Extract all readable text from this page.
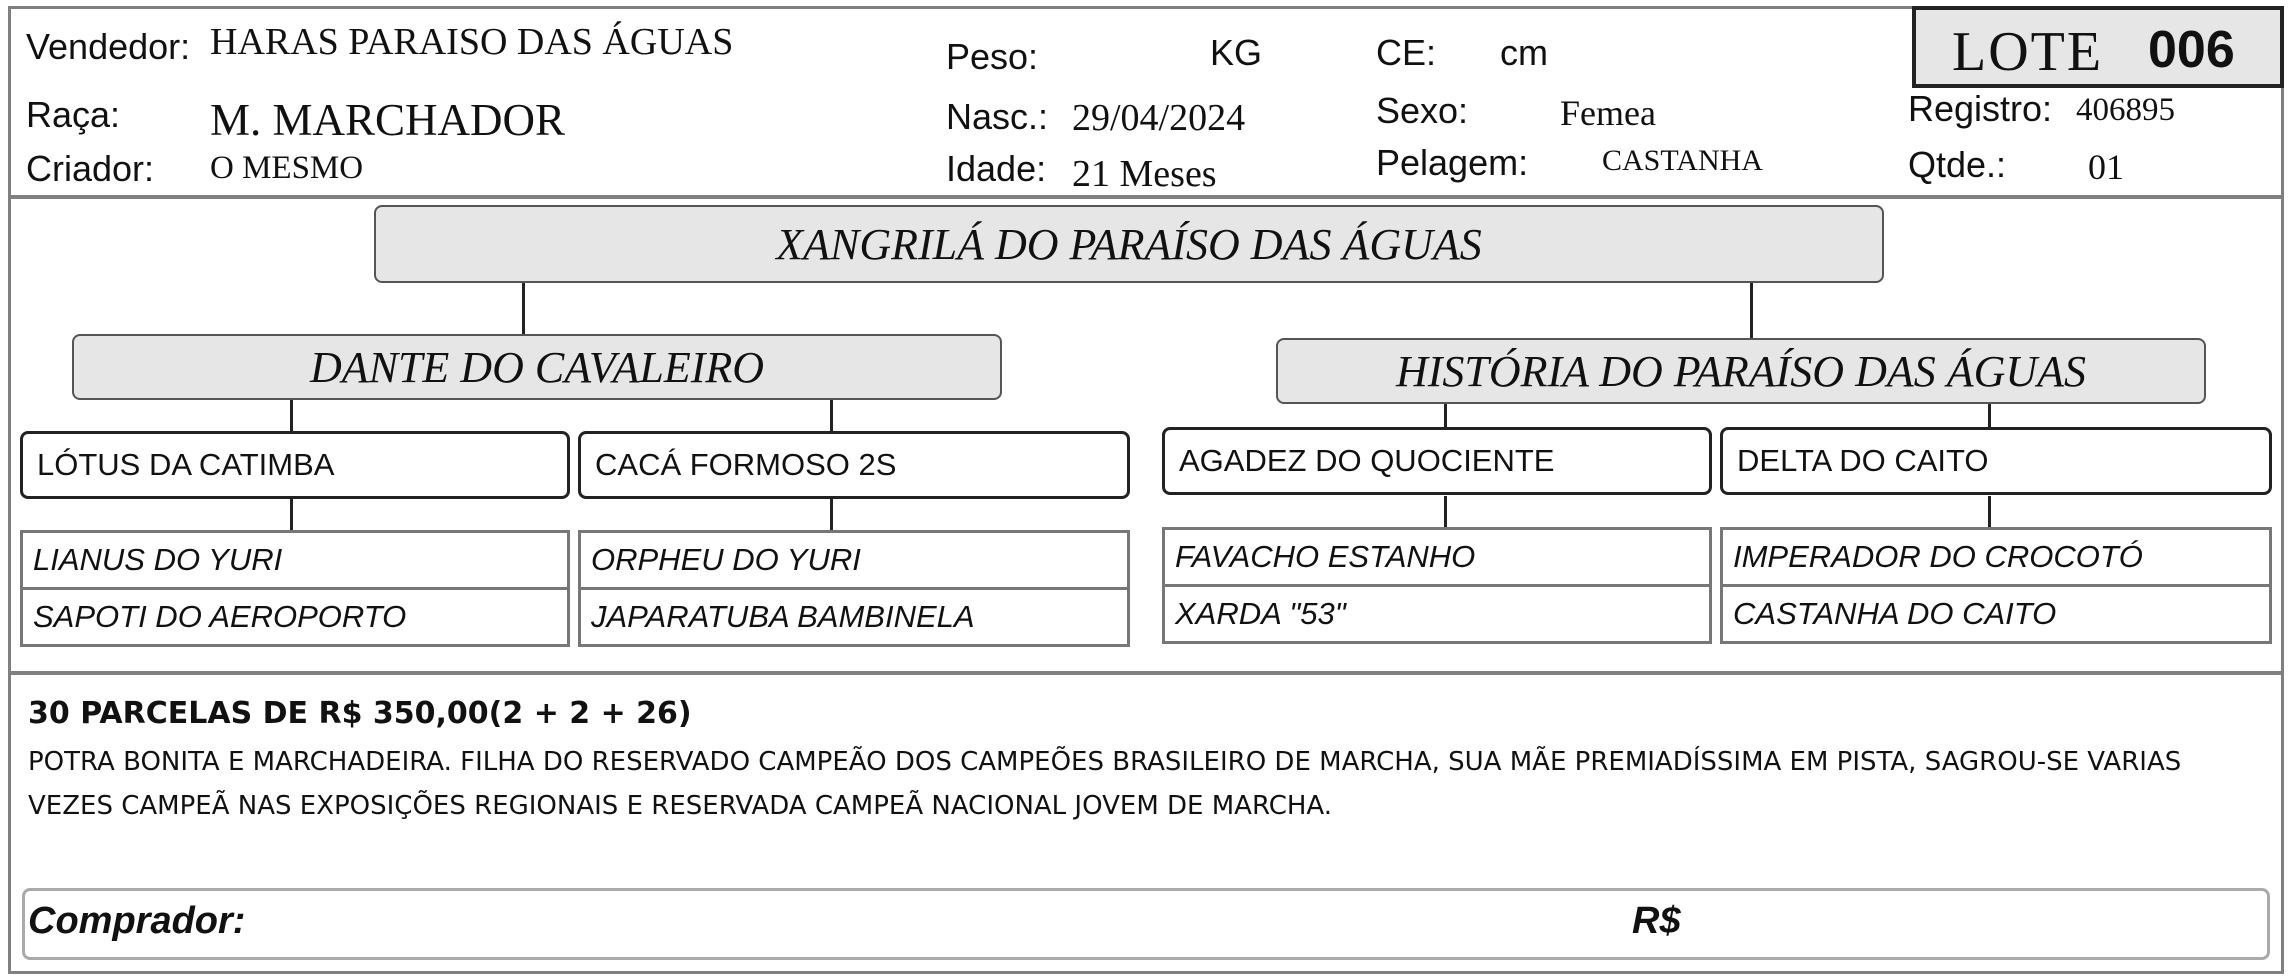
Vendedor: HARAS PARAISO DAS ÁGUAS
Raça: M. MARCHADOR
Criador: O MESMO
Peso:	KG
Nasc.: 29/04/2024
Idade: 21 Meses
CE: cm
Sexo:	Femea
Pelagem: CASTANHA
LOTE 006
Registro: 406895
Qtde.: 01
XANGRILÁ DO PARAÍSO DAS ÁGUAS
DANTE DO CAVALEIRO	HISTÓRIA DO PARAÍSO DAS ÁGUAS
LÓTUS DA CATIMBA	CACÁ FORMOSO 2S	AGADEZ DO QUOCIENTE	DELTA DO CAITO
LIANUS DO YURI
SAPOTI DO AEROPORTO
ORPHEU DO YURI
JAPARATUBA BAMBINELA
FAVACHO ESTANHO
XARDA "53"
IMPERADOR DO CROCOTÓ
CASTANHA DO CAITO
30 PARCELAS DE R$ 350,00(2 + 2 + 26)
POTRA BONITA E MARCHADEIRA. FILHA DO RESERVADO CAMPEÃO DOS CAMPEÕES BRASILEIRO DE MARCHA, SUA MÃE PREMIADÍSSIMA EM PISTA, SAGROU-SE VARIAS VEZES CAMPEÃ NAS EXPOSIÇÕES REGIONAIS E RESERVADA CAMPEÃ NACIONAL JOVEM DE MARCHA.
Comprador:	R$
